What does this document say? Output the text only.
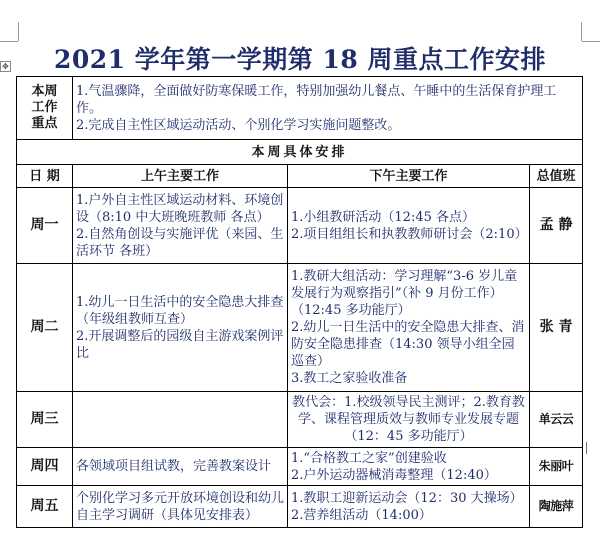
✥	2021 学年第一学期第 18 周重点工作安排
本周
工作
重点	1.气温骤降，全面做好防寒保暖工作，特别加强幼儿餐点、午睡中的生活保育护理工作。
2.完成自主性区域运动活动、个别化学习实施问题整改。		

本周具体安排			
日 期	上午主要工作	下午主要工作	总值班
周一	1.户外自主性区域运动材料、环境创设（8:10 中大班晚班教师 各点）
2.自然角创设与实施评优（来园、生活环节 各班）	1.小组教研活动（12:45 各点）
2.项目组组长和执教教师研讨会（2:10）	孟 静
周二	1.幼儿一日生活中的安全隐患大排查（年级组教师互查）
2.开展调整后的园级自主游戏案例评比	1.教研大组活动：学习理解“3-6 岁儿童发展行为观察指引”（补 9 月份工作）（12:45 多功能厅）
2.幼儿一日生活中的安全隐患大排查、消防安全隐患排查（14:30 领导小组全园巡查）
3.教工之家验收准备	张 青
周三		教代会：1.校级领导民主测评；2.教育教学、课程管理质效与教师专业发展专题（12：45 多功能厅）	单云云
周四	各领域项目组试教，完善教案设计	1.“合格教工之家”创建验收
2.户外运动器械消毒整理（12:40）	朱丽叶
周五	个别化学习多元开放环境创设和幼儿自主学习调研（具体见安排表）	1.教职工迎新运动会（12：30 大操场）
2.营养组活动（14:00）	陶施萍
